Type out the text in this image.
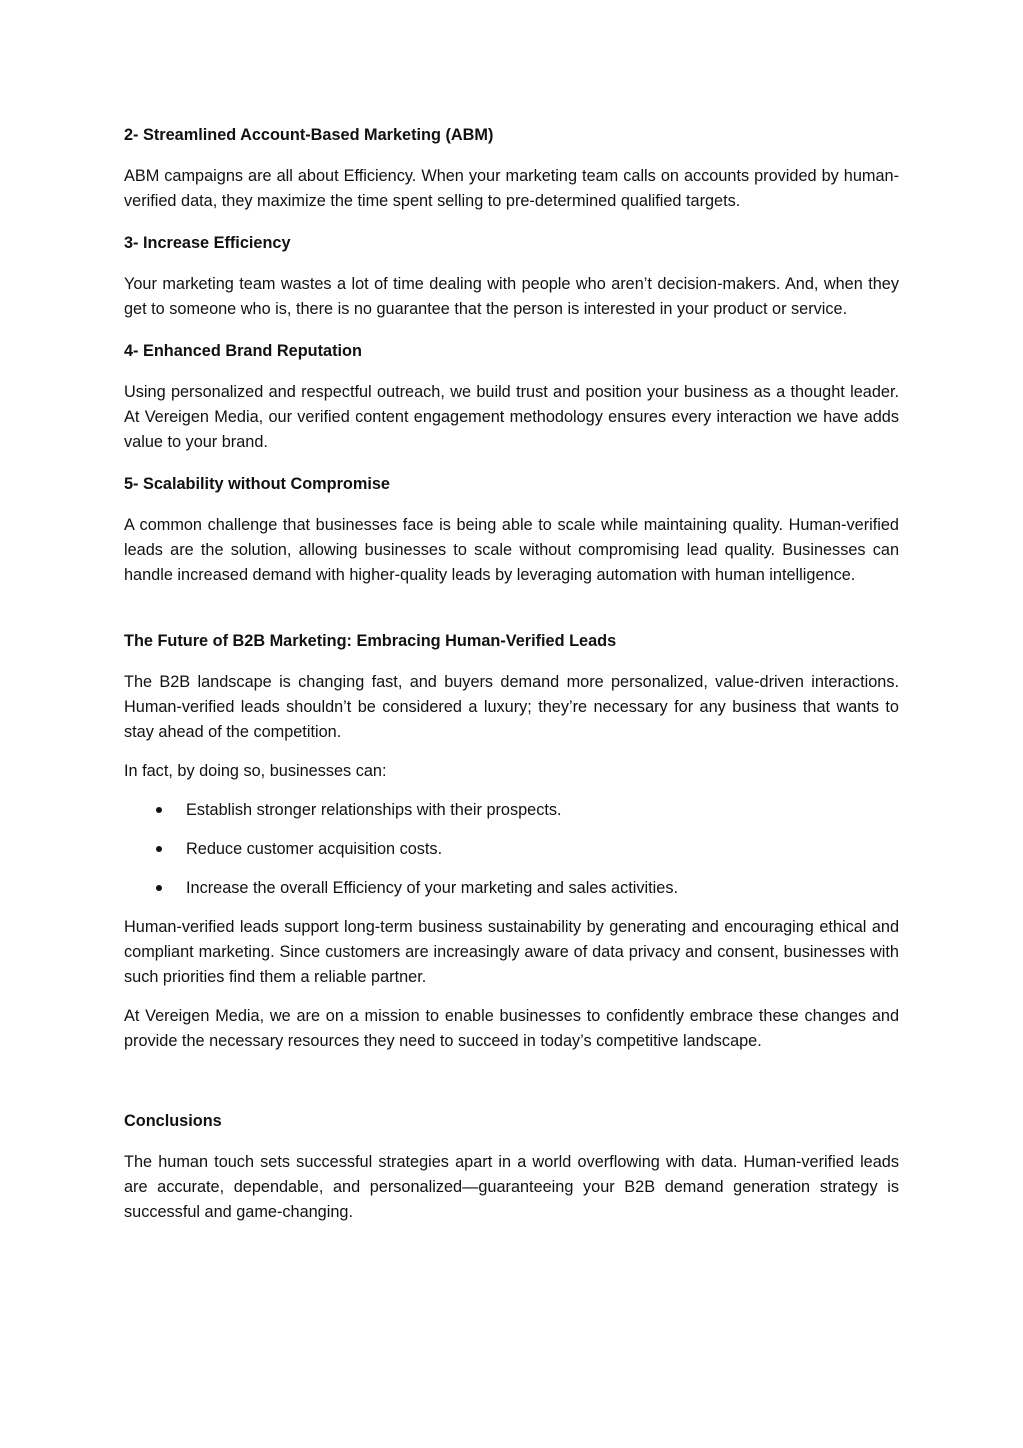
2- Streamlined Account-Based Marketing (ABM)

ABM campaigns are all about Efficiency. When your marketing team calls on accounts provided by human-verified data, they maximize the time spent selling to pre-determined qualified targets.

3- Increase Efficiency

Your marketing team wastes a lot of time dealing with people who aren’t decision-makers. And, when they get to someone who is, there is no guarantee that the person is interested in your product or service.

4- Enhanced Brand Reputation

Using personalized and respectful outreach, we build trust and position your business as a thought leader. At Vereigen Media, our verified content engagement methodology ensures every interaction we have adds value to your brand.

5- Scalability without Compromise

A common challenge that businesses face is being able to scale while maintaining quality. Human-verified leads are the solution, allowing businesses to scale without compromising lead quality. Businesses can handle increased demand with higher-quality leads by leveraging automation with human intelligence.

The Future of B2B Marketing: Embracing Human-Verified Leads

The B2B landscape is changing fast, and buyers demand more personalized, value-driven interactions. Human-verified leads shouldn’t be considered a luxury; they’re necessary for any business that wants to stay ahead of the competition.

In fact, by doing so, businesses can:

Establish stronger relationships with their prospects.
Reduce customer acquisition costs.
Increase the overall Efficiency of your marketing and sales activities.

Human-verified leads support long-term business sustainability by generating and encouraging ethical and compliant marketing. Since customers are increasingly aware of data privacy and consent, businesses with such priorities find them a reliable partner.

At Vereigen Media, we are on a mission to enable businesses to confidently embrace these changes and provide the necessary resources they need to succeed in today’s competitive landscape.

Conclusions

The human touch sets successful strategies apart in a world overflowing with data. Human-verified leads are accurate, dependable, and personalized—guaranteeing your B2B demand generation strategy is successful and game-changing.
